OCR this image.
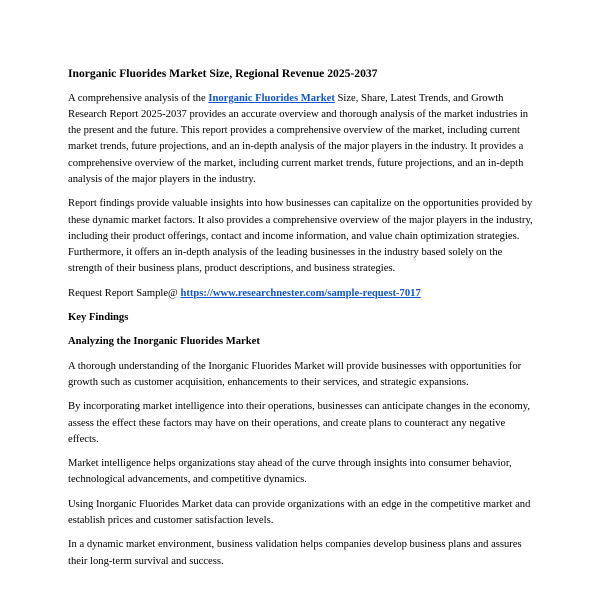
Inorganic Fluorides Market Size, Regional Revenue 2025-2037

A comprehensive analysis of the Inorganic Fluorides Market Size, Share, Latest Trends, and Growth Research Report 2025-2037 provides an accurate overview and thorough analysis of the market industries in the present and the future. This report provides a comprehensive overview of the market, including current market trends, future projections, and an in-depth analysis of the major players in the industry. It provides a comprehensive overview of the market, including current market trends, future projections, and an in-depth analysis of the major players in the industry.

Report findings provide valuable insights into how businesses can capitalize on the opportunities provided by these dynamic market factors. It also provides a comprehensive overview of the major players in the industry, including their product offerings, contact and income information, and value chain optimization strategies. Furthermore, it offers an in-depth analysis of the leading businesses in the industry based solely on the strength of their business plans, product descriptions, and business strategies.

Request Report Sample@ https://www.researchnester.com/sample-request-7017

Key Findings
Analyzing the Inorganic Fluorides Market

A thorough understanding of the Inorganic Fluorides Market will provide businesses with opportunities for growth such as customer acquisition, enhancements to their services, and strategic expansions.

By incorporating market intelligence into their operations, businesses can anticipate changes in the economy, assess the effect these factors may have on their operations, and create plans to counteract any negative effects.

Market intelligence helps organizations stay ahead of the curve through insights into consumer behavior, technological advancements, and competitive dynamics.

Using Inorganic Fluorides Market data can provide organizations with an edge in the competitive market and establish prices and customer satisfaction levels.

In a dynamic market environment, business validation helps companies develop business plans and assures their long-term survival and success.
